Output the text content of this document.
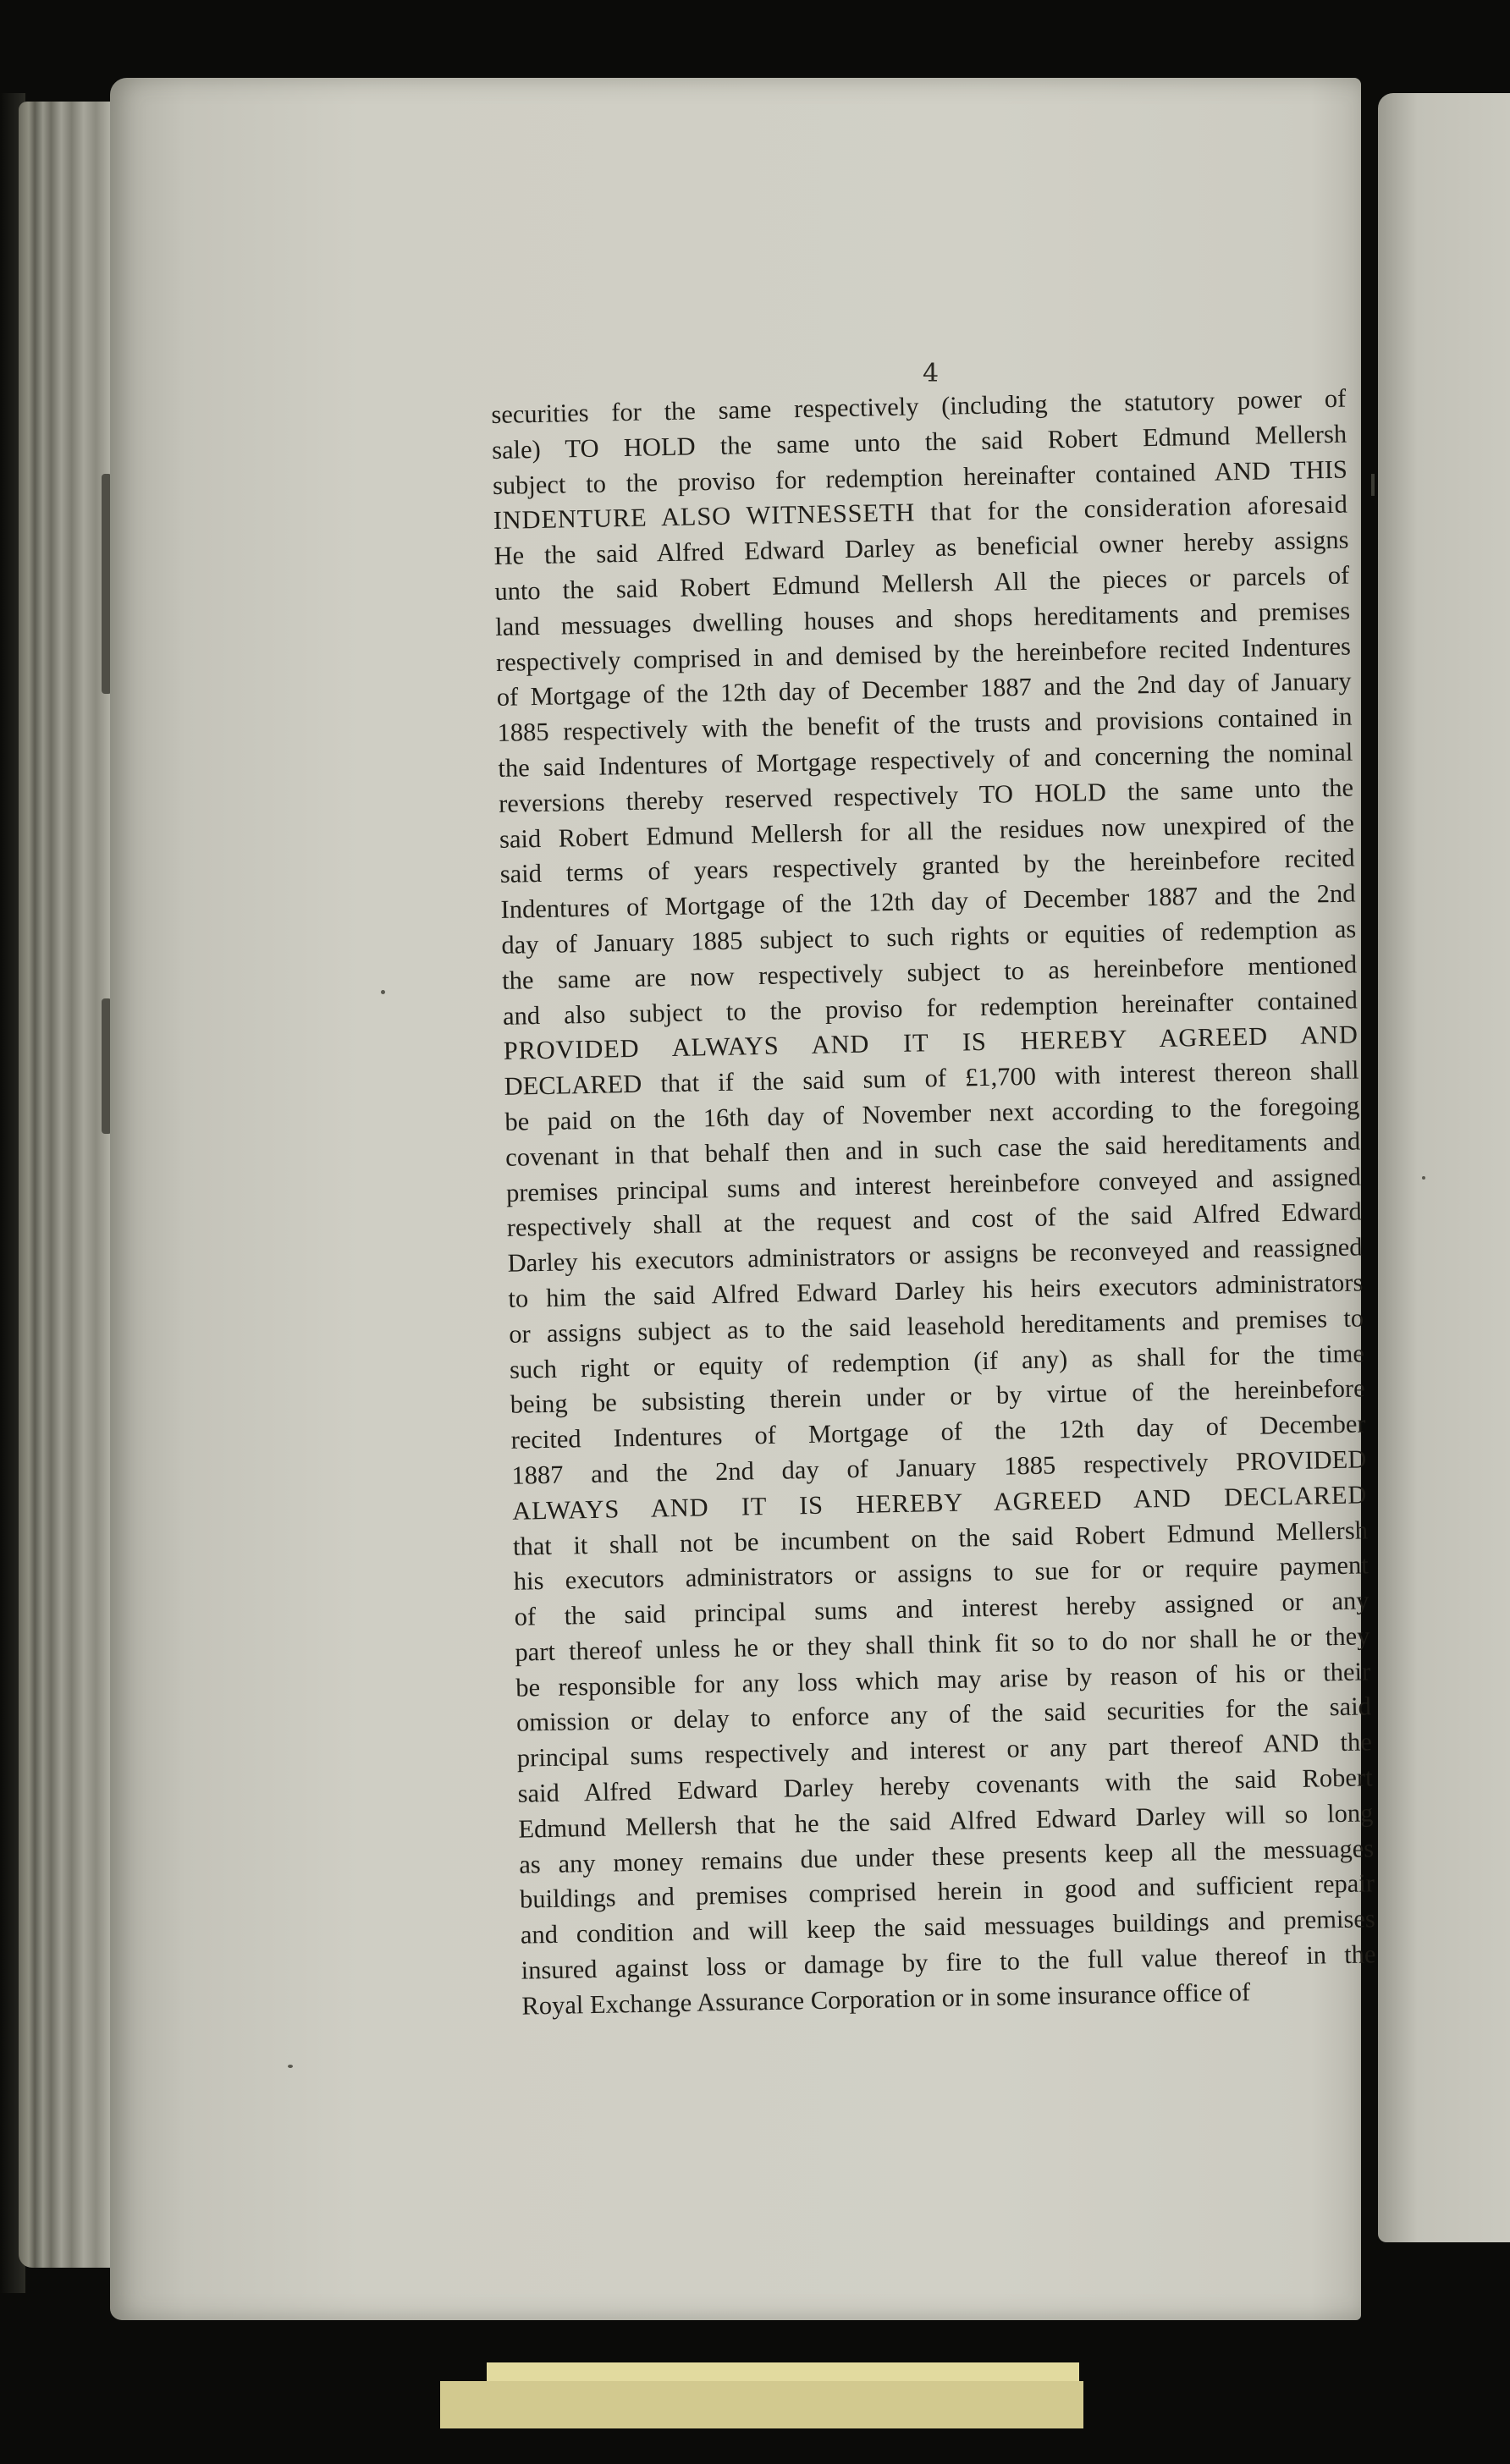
4
securities for the same respectively (including the statutory power of
sale) TO HOLD the same unto the said Robert Edmund Mellersh
subject to the proviso for redemption hereinafter contained AND THIS
INDENTURE ALSO WITNESSETH that for the consideration aforesaid
He the said Alfred Edward Darley as beneficial owner hereby assigns
unto the said Robert Edmund Mellersh All the pieces or parcels of
land messuages dwelling houses and shops hereditaments and premises
respectively comprised in and demised by the hereinbefore recited Indentures
of Mortgage of the 12th day of December 1887 and the 2nd day of January
1885 respectively with the benefit of the trusts and provisions contained in
the said Indentures of Mortgage respectively of and concerning the nominal
reversions thereby reserved respectively TO HOLD the same unto the
said Robert Edmund Mellersh for all the residues now unexpired of the
said terms of years respectively granted by the hereinbefore recited
Indentures of Mortgage of the 12th day of December 1887 and the 2nd
day of January 1885 subject to such rights or equities of redemption as
the same are now respectively subject to as hereinbefore mentioned
and also subject to the proviso for redemption hereinafter contained
PROVIDED ALWAYS AND IT IS HEREBY AGREED AND
DECLARED that if the said sum of £1,700 with interest thereon shall
be paid on the 16th day of November next according to the foregoing
covenant in that behalf then and in such case the said hereditaments and
premises principal sums and interest hereinbefore conveyed and assigned
respectively shall at the request and cost of the said Alfred Edward
Darley his executors administrators or assigns be reconveyed and reassigned
to him the said Alfred Edward Darley his heirs executors administrators
or assigns subject as to the said leasehold hereditaments and premises to
such right or equity of redemption (if any) as shall for the time
being be subsisting therein under or by virtue of the hereinbefore
recited Indentures of Mortgage of the 12th day of December
1887 and the 2nd day of January 1885 respectively PROVIDED
ALWAYS AND IT IS HEREBY AGREED AND DECLARED
that it shall not be incumbent on the said Robert Edmund Mellersh
his executors administrators or assigns to sue for or require payment
of the said principal sums and interest hereby assigned or any
part thereof unless he or they shall think fit so to do nor shall he or they
be responsible for any loss which may arise by reason of his or their
omission or delay to enforce any of the said securities for the said
principal sums respectively and interest or any part thereof AND the
said Alfred Edward Darley hereby covenants with the said Robert
Edmund Mellersh that he the said Alfred Edward Darley will so long
as any money remains due under these presents keep all the messuages
buildings and premises comprised herein in good and sufficient repair
and condition and will keep the said messuages buildings and premises
insured against loss or damage by fire to the full value thereof in the
Royal Exchange Assurance Corporation or in some insurance office of
